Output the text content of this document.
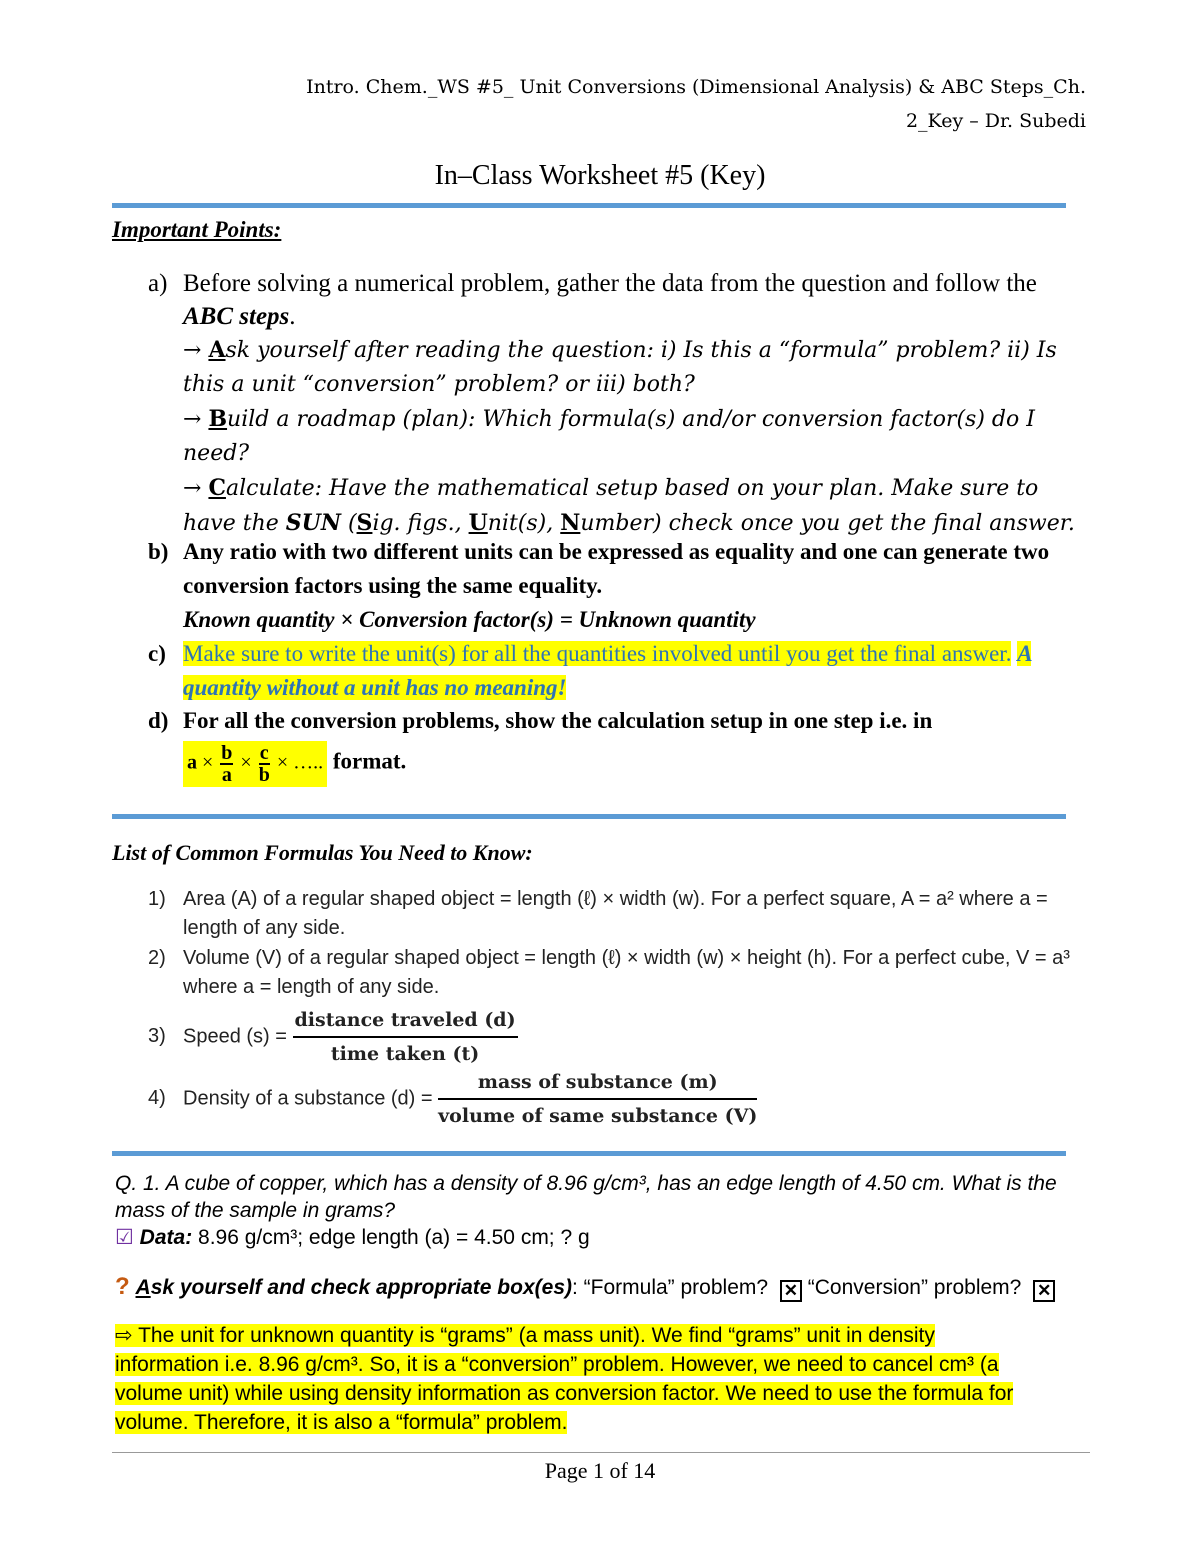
Intro. Chem._WS #5_ Unit Conversions (Dimensional Analysis) & ABC Steps_Ch.
2_Key – Dr. Subedi
In–Class Worksheet #5 (Key)
Important Points:
a) Before solving a numerical problem, gather the data from the question and follow the ABC steps.
→ Ask yourself after reading the question: i) Is this a “formula” problem? ii) Is this a unit “conversion” problem? or iii) both?
→ Build a roadmap (plan): Which formula(s) and/or conversion factor(s) do I need?
→ Calculate: Have the mathematical setup based on your plan. Make sure to have the SUN (Sig. figs., Unit(s), Number) check once you get the final answer.
b) Any ratio with two different units can be expressed as equality and one can generate two conversion factors using the same equality.
Known quantity × Conversion factor(s) = Unknown quantity
c) Make sure to write the unit(s) for all the quantities involved until you get the final answer. A quantity without a unit has no meaning!
d) For all the conversion problems, show the calculation setup in one step i.e. in
$a \times \frac{b}{a} \times \frac{c}{b}$ × ….. format.
List of Common Formulas You Need to Know:
1) Area (A) of a regular shaped object = length (ℓ) × width (w). For a perfect square, A = a² where a = length of any side.
2) Volume (V) of a regular shaped object = length (ℓ) × width (w) × height (h). For a perfect cube, V = a³ where a = length of any side.
3) Speed $(s) = \frac{\text{distance traveled (d)}}{\text{time taken (t)}}$
4) Density of a substance $(d) = \frac{\text{mass of substance (m)}}{\text{volume of same substance (V)}}$
Q. 1. A cube of copper, which has a density of 8.96 g/cm³, has an edge length of 4.50 cm. What is the mass of the sample in grams?
☑ Data: 8.96 g/cm³; edge length (a) = 4.50 cm; ? g
? Ask yourself and check appropriate box(es): “Formula” problem? ✕ “Conversion” problem? ✕
⇨ The unit for unknown quantity is “grams” (a mass unit). We find “grams” unit in density
information i.e. 8.96 g/cm³. So, it is a “conversion” problem. However, we need to cancel cm³ (a
volume unit) while using density information as conversion factor. We need to use the formula for
volume. Therefore, it is also a “formula” problem.
Page 1 of 14
